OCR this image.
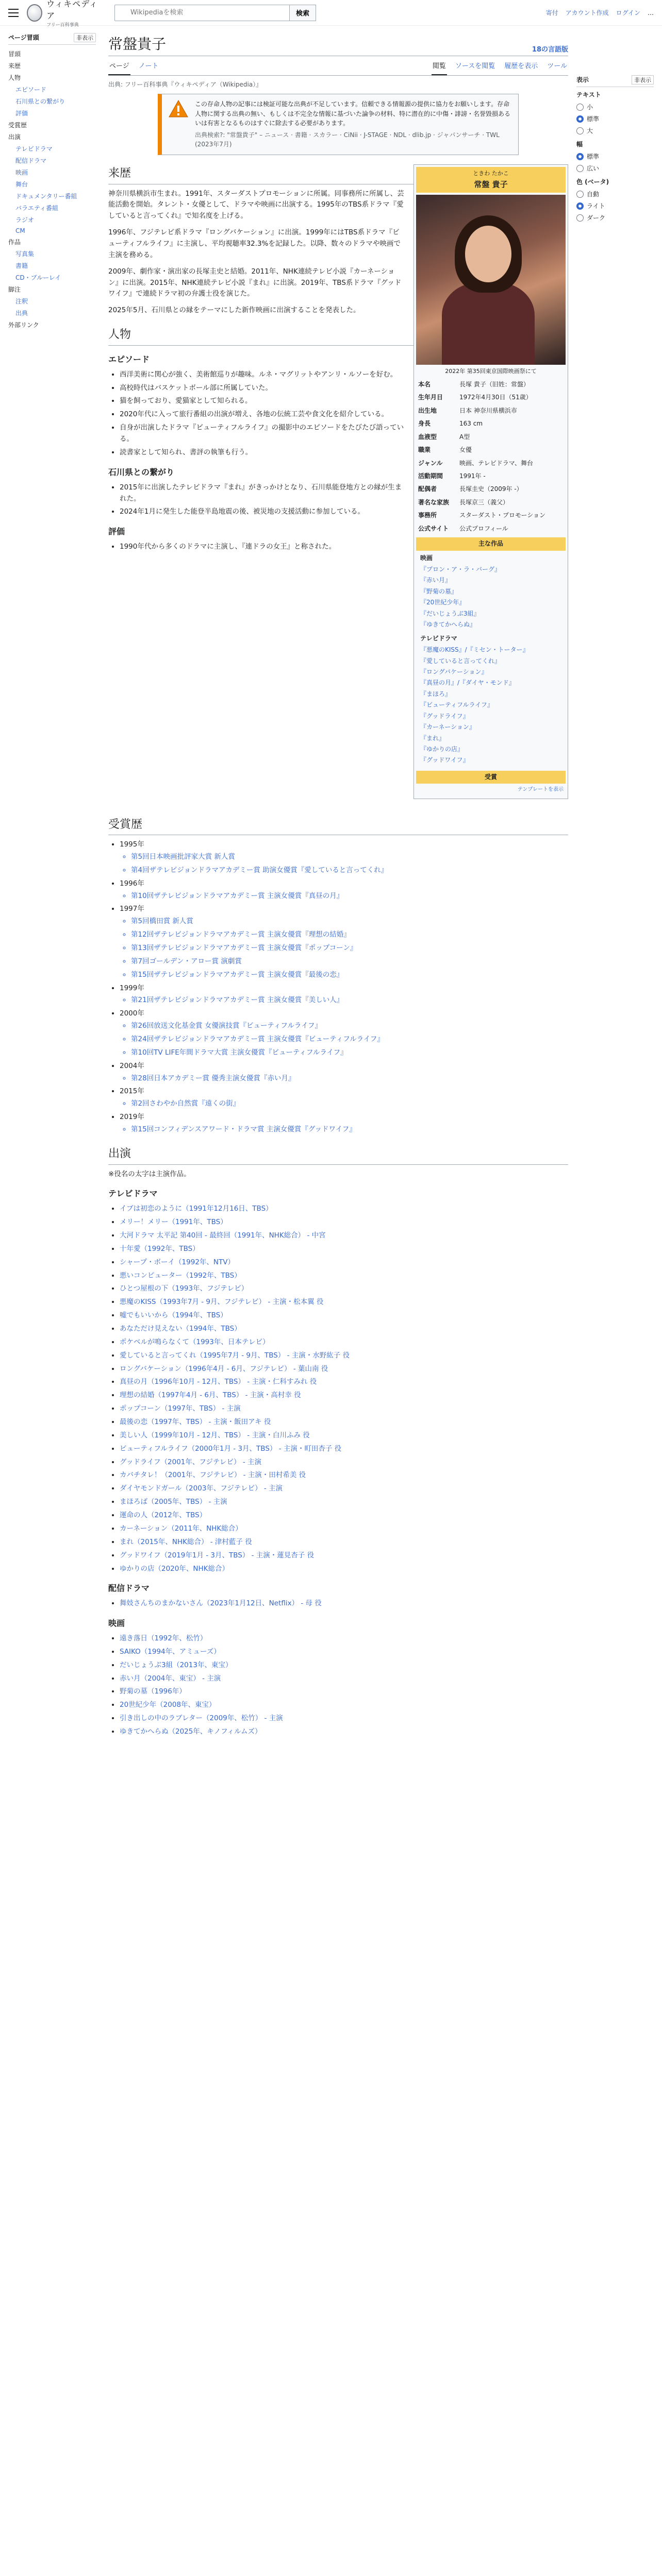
ウィキペディア
フリー百科事典
Wikipediaを検索
検索	寄付 アカウント作成 ログイン …
ページ冒頭	非表示
冒頭
来歴
人物
エピソード
石川県との繋がり
評価
受賞歴
出演
テレビドラマ
配信ドラマ
映画
舞台
ドキュメンタリー番組
バラエティ番組
ラジオ
CM
作品
写真集
書籍
CD・ブルーレイ
脚注
注釈
出典
外部リンク
常盤貴子	18の言語版
ページ ノート	閲覧 ソースを閲覧 履歴を表示 ツール
出典: フリー百科事典『ウィキペディア（Wikipedia）』
この存命人物の記事には検証可能な出典が不足しています。信頼できる情報源の提供に協力をお願いします。存命人物に関する出典の無い、もしくは不完全な情報に基づいた論争の材料、特に潜在的に中傷・誹謗・名誉毀損あるいは有害となるものはすぐに除去する必要があります。
出典検索?: "常盤貴子" – ニュース · 書籍 · スカラー · CiNii · J-STAGE · NDL · dlib.jp · ジャパンサーチ · TWL (2023年7月)
ときわ たかこ
常盤 貴子
2022年 第35回東京国際映画祭にて
本名	長塚 貴子（旧姓：常盤）
生年月日	1972年4月30日（51歳）
出生地	日本 神奈川県横浜市
身長	163 cm
血液型	A型
職業	女優
ジャンル	映画、テレビドラマ、舞台
活動期間	1991年 -
配偶者	長塚圭史（2009年 -）
著名な家族	長塚京三（義父）
事務所	スターダスト・プロモーション
公式サイト	公式プロフィール
主な作品
映画
『プロン・ア・ラ・バーグ』
『赤い月』
『野菊の墓』
『20世紀少年』
『だいじょうぶ3組』
『ゆきてかへらぬ』
テレビドラマ
『悪魔のKISS』/『ミセン・トーター』
『愛していると言ってくれ』
『ロングバケーション』
『真昼の月』/『ダイヤ・モンド』
『まほろ』
『ビューティフルライフ』
『グッドライフ』
『カーネーション』
『まれ』
『ゆかりの店』
『グッドワイフ』
受賞
テンプレートを表示
来歴

神奈川県横浜市生まれ。1991年、スターダストプロモーションに所属。同事務所に所属し、芸能活動を開始。タレント・女優として、ドラマや映画に出演する。1995年のTBS系ドラマ『愛していると言ってくれ』で知名度を上げる。

1996年、フジテレビ系ドラマ『ロングバケーション』に出演。1999年にはTBS系ドラマ『ビューティフルライフ』に主演し、平均視聴率32.3%を記録した。以降、数々のドラマや映画で主演を務める。

2009年、劇作家・演出家の長塚圭史と結婚。2011年、NHK連続テレビ小説『カーネーション』に出演。2015年、NHK連続テレビ小説『まれ』に出演。2019年、TBS系ドラマ『グッドワイフ』で連続ドラマ初の弁護士役を演じた。

2025年5月、石川県との縁をテーマにした新作映画に出演することを発表した。

人物
エピソード
• 西洋美術に関心が強く、美術館巡りが趣味。ルネ・マグリットやアンリ・ルソーを好む。
• 高校時代はバスケットボール部に所属していた。
• 猫を飼っており、愛猫家として知られる。
• 2020年代に入って旅行番組の出演が増え、各地の伝統工芸や食文化を紹介している。
• 自身が出演したドラマ『ビューティフルライフ』の撮影中のエピソードをたびたび語っている。
• 読書家として知られ、書評の執筆も行う。
石川県との繋がり
• 2015年に出演したテレビドラマ『まれ』がきっかけとなり、石川県能登地方との縁が生まれた。
• 2024年1月に発生した能登半島地震の後、被災地の支援活動に参加している。
評価
• 1990年代から多くのドラマに主演し、『連ドラの女王』と称された。
受賞歴
• 1995年
◦ 第5回日本映画批評家大賞 新人賞
◦ 第4回ザテレビジョンドラマアカデミー賞 助演女優賞『愛していると言ってくれ』
• 1996年
◦ 第10回ザテレビジョンドラマアカデミー賞 主演女優賞『真昼の月』
• 1997年
◦ 第5回橋田賞 新人賞
◦ 第12回ザテレビジョンドラマアカデミー賞 主演女優賞『理想の結婚』
◦ 第13回ザテレビジョンドラマアカデミー賞 主演女優賞『ポップコーン』
◦ 第7回ゴールデン・アロー賞 演劇賞
◦ 第15回ザテレビジョンドラマアカデミー賞 主演女優賞『最後の恋』
• 1999年
◦ 第21回ザテレビジョンドラマアカデミー賞 主演女優賞『美しい人』
• 2000年
◦ 第26回放送文化基金賞 女優演技賞『ビューティフルライフ』
◦ 第24回ザテレビジョンドラマアカデミー賞 主演女優賞『ビューティフルライフ』
◦ 第10回TV LIFE年間ドラマ大賞 主演女優賞『ビューティフルライフ』
• 2004年
◦ 第28回日本アカデミー賞 優秀主演女優賞『赤い月』
• 2015年
◦ 第2回さわやか自然賞『遠くの街』
• 2019年
◦ 第15回コンフィデンスアワード・ドラマ賞 主演女優賞『グッドワイフ』
出演

※役名の太字は主演作品。

テレビドラマ
• イブは初恋のように（1991年12月16日、TBS）
• メリー！メリー（1991年、TBS）
• 大河ドラマ 太平記 第40回 - 最終回（1991年、NHK総合） - 中宮
• 十年愛（1992年、TBS）
• シャープ・ボーイ（1992年、NTV）
• 悪いコンピューター（1992年、TBS）
• ひとつ屋根の下（1993年、フジテレビ）
• 悪魔のKISS（1993年7月 - 9月、フジテレビ） - 主演・松本翼 役
• 嘘でもいいから（1994年、TBS）
• あなただけ見えない（1994年、TBS）
• ポケベルが鳴らなくて（1993年、日本テレビ）
• 愛していると言ってくれ（1995年7月 - 9月、TBS） - 主演・水野紘子 役
• ロングバケーション（1996年4月 - 6月、フジテレビ） - 葉山南 役
• 真昼の月（1996年10月 - 12月、TBS） - 主演・仁科すみれ 役
• 理想の結婚（1997年4月 - 6月、TBS） - 主演・高村幸 役
• ポップコーン（1997年、TBS） - 主演
• 最後の恋（1997年、TBS） - 主演・飯田アキ 役
• 美しい人（1999年10月 - 12月、TBS） - 主演・白川ふみ 役
• ビューティフルライフ（2000年1月 - 3月、TBS） - 主演・町田杏子 役
• グッドライフ（2001年、フジテレビ） - 主演
• カバチタレ！（2001年、フジテレビ） - 主演・田村希美 役
• ダイヤモンドガール（2003年、フジテレビ） - 主演
• まほろば（2005年、TBS） - 主演
• 運命の人（2012年、TBS）
• カーネーション（2011年、NHK総合）
• まれ（2015年、NHK総合） - 津村藍子 役
• グッドワイフ（2019年1月 - 3月、TBS） - 主演・蓮見杏子 役
• ゆかりの店（2020年、NHK総合）
配信ドラマ
• 舞妓さんちのまかないさん（2023年1月12日、Netflix） - 母 役
映画
• 遠き落日（1992年、松竹）
• SAIKO（1994年、アミューズ）
• だいじょうぶ3組（2013年、東宝）
• 赤い月（2004年、東宝） - 主演
• 野菊の墓（1996年）
• 20世紀少年（2008年、東宝）
• 引き出しの中のラブレター（2009年、松竹） - 主演
• ゆきてかへらぬ（2025年、キノフィルムズ）
表示	非表示
テキスト
小
標準
大
幅
標準
広い
色 (ベータ)
自動
ライト
ダーク
